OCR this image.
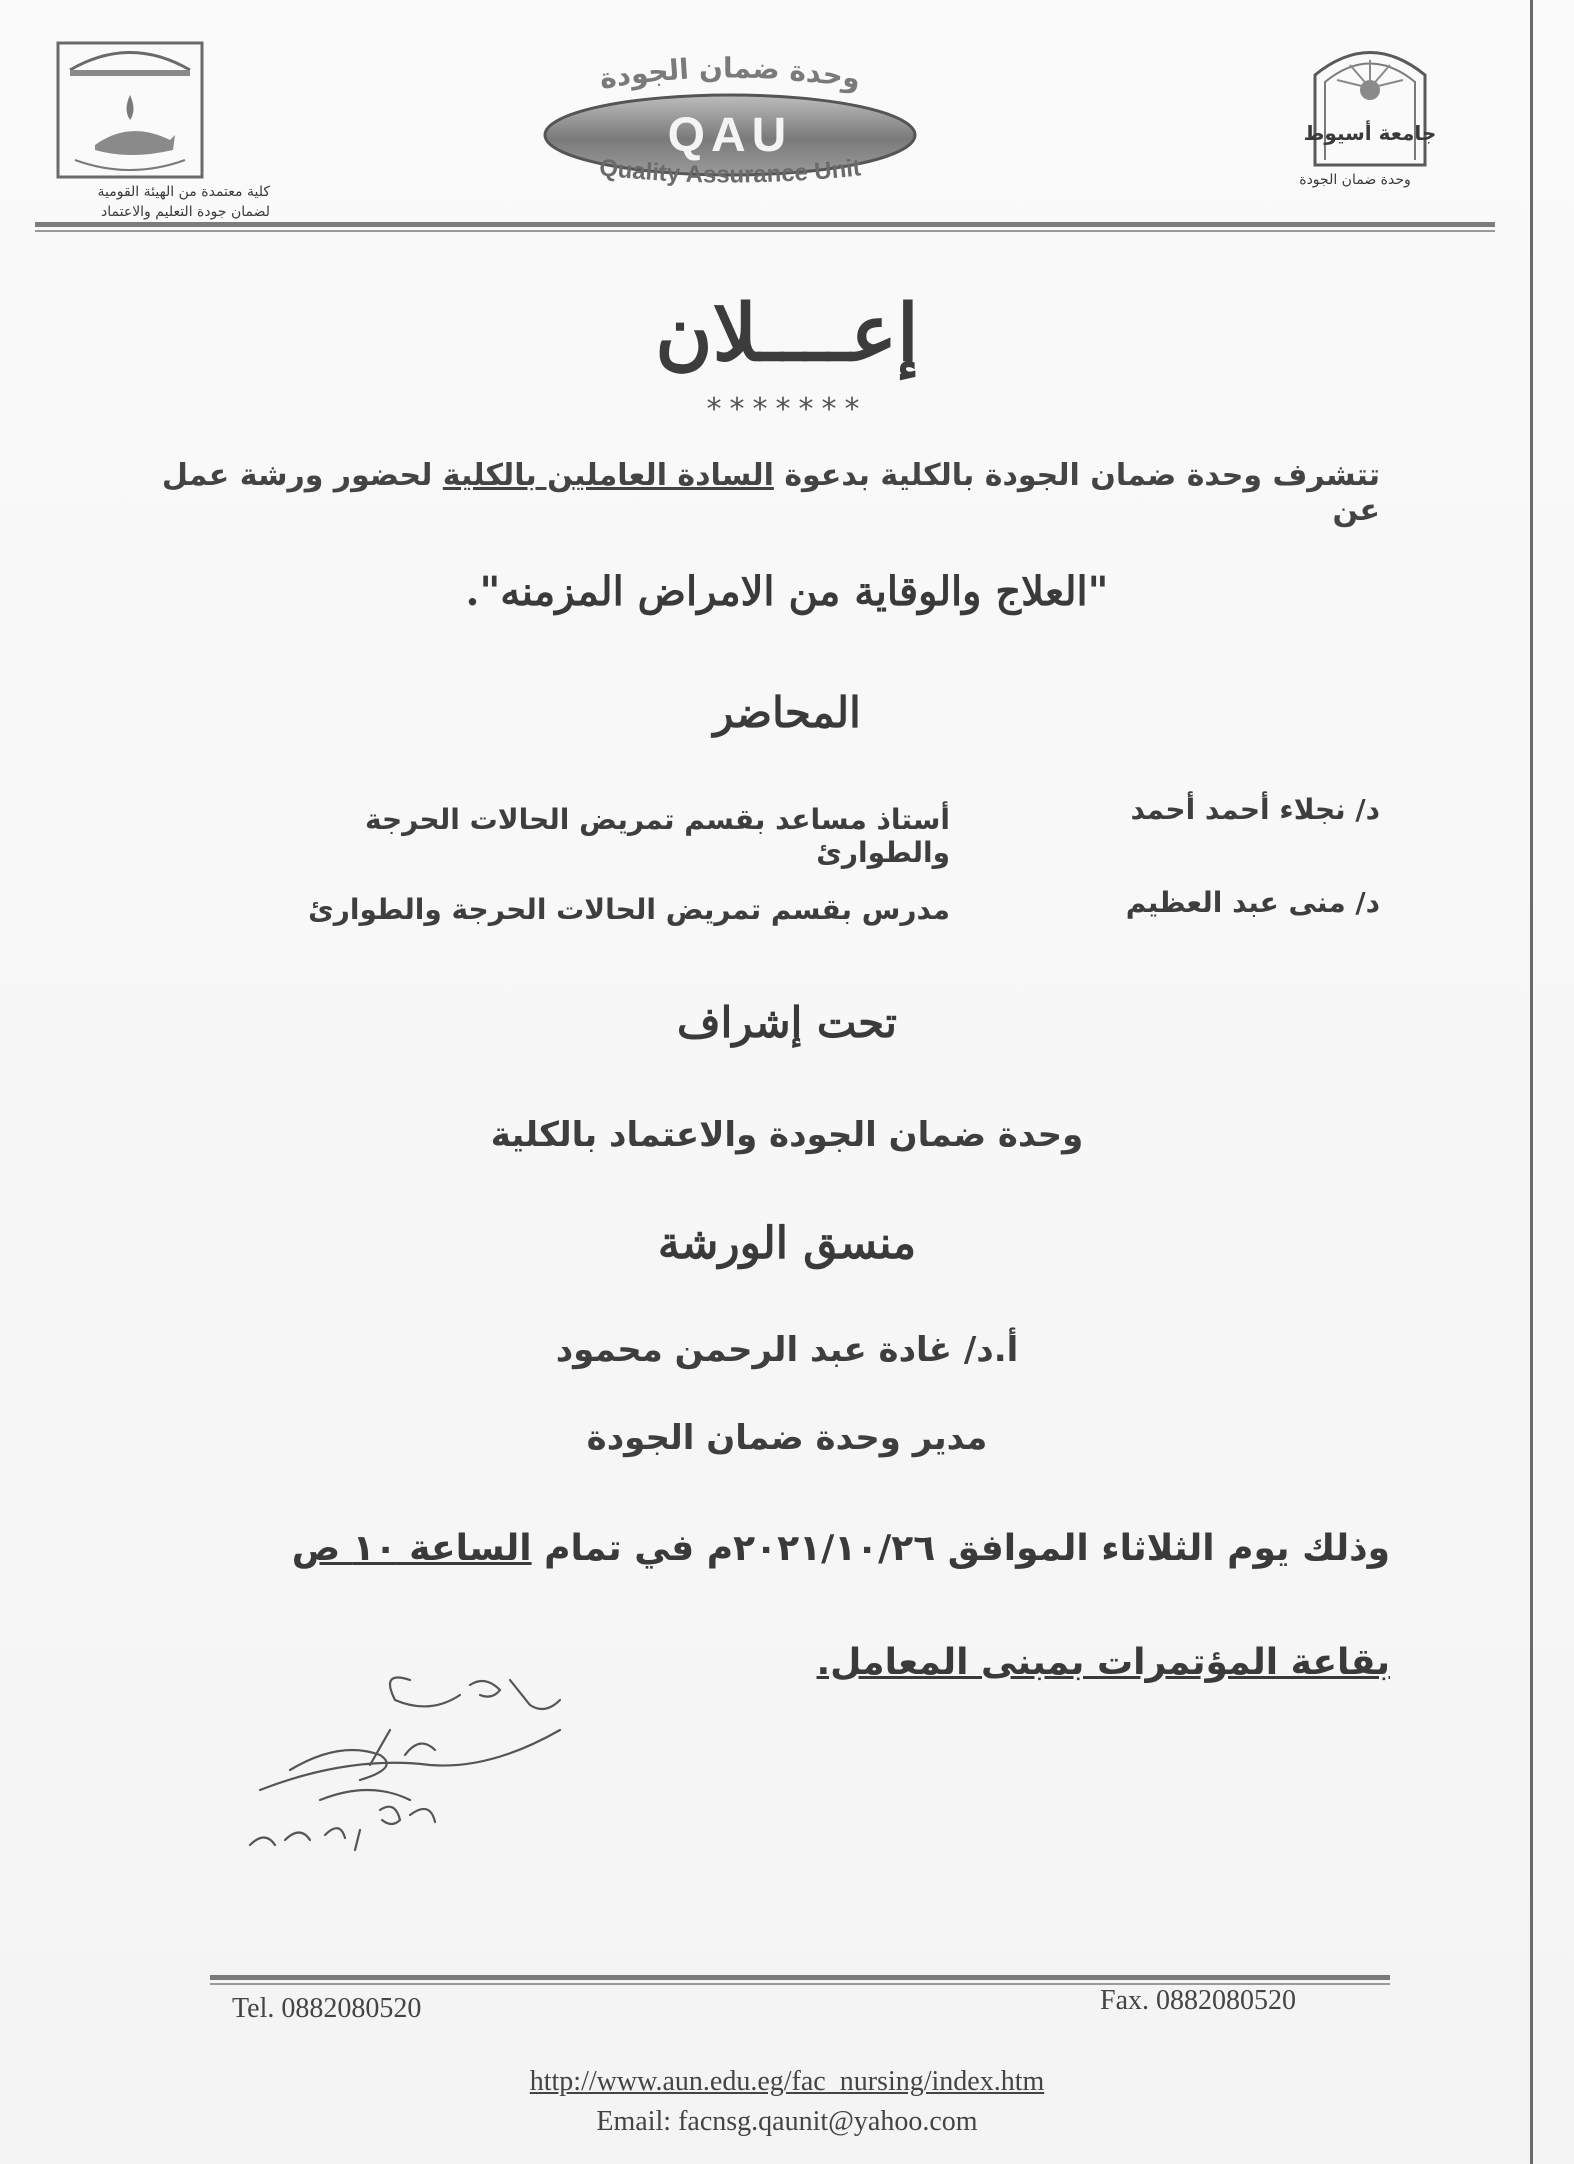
كلية معتمدة من الهيئة القومية
لضمان جودة التعليم والاعتماد
وحدة ضمان الجودة
QAU
Quality Assurance Unit
جامعة أسيوط
وحدة ضمان الجودة
إعــــلان
*******
تتشرف وحدة ضمان الجودة بالكلية بدعوة السادة العاملين بالكلية لحضور ورشة عمل عن
"العلاج والوقاية من الامراض المزمنه".
المحاضر
د/ نجلاء أحمد أحمد
أستاذ مساعد بقسم تمريض الحالات الحرجة والطوارئ
د/ منى عبد العظيم
مدرس بقسم تمريض الحالات الحرجة والطوارئ
تحت إشراف
وحدة ضمان الجودة والاعتماد بالكلية
منسق الورشة
أ.د/ غادة عبد الرحمن محمود
مدير وحدة ضمان الجودة
وذلك يوم الثلاثاء الموافق ٢٠٢١/١٠/٢٦م في تمام الساعة ١٠ ص
بقاعة المؤتمرات بمبنى المعامل.
Tel. 0882080520	Fax. 0882080520
http://www.aun.edu.eg/fac_nursing/index.htm
Email: facnsg.qaunit@yahoo.com
